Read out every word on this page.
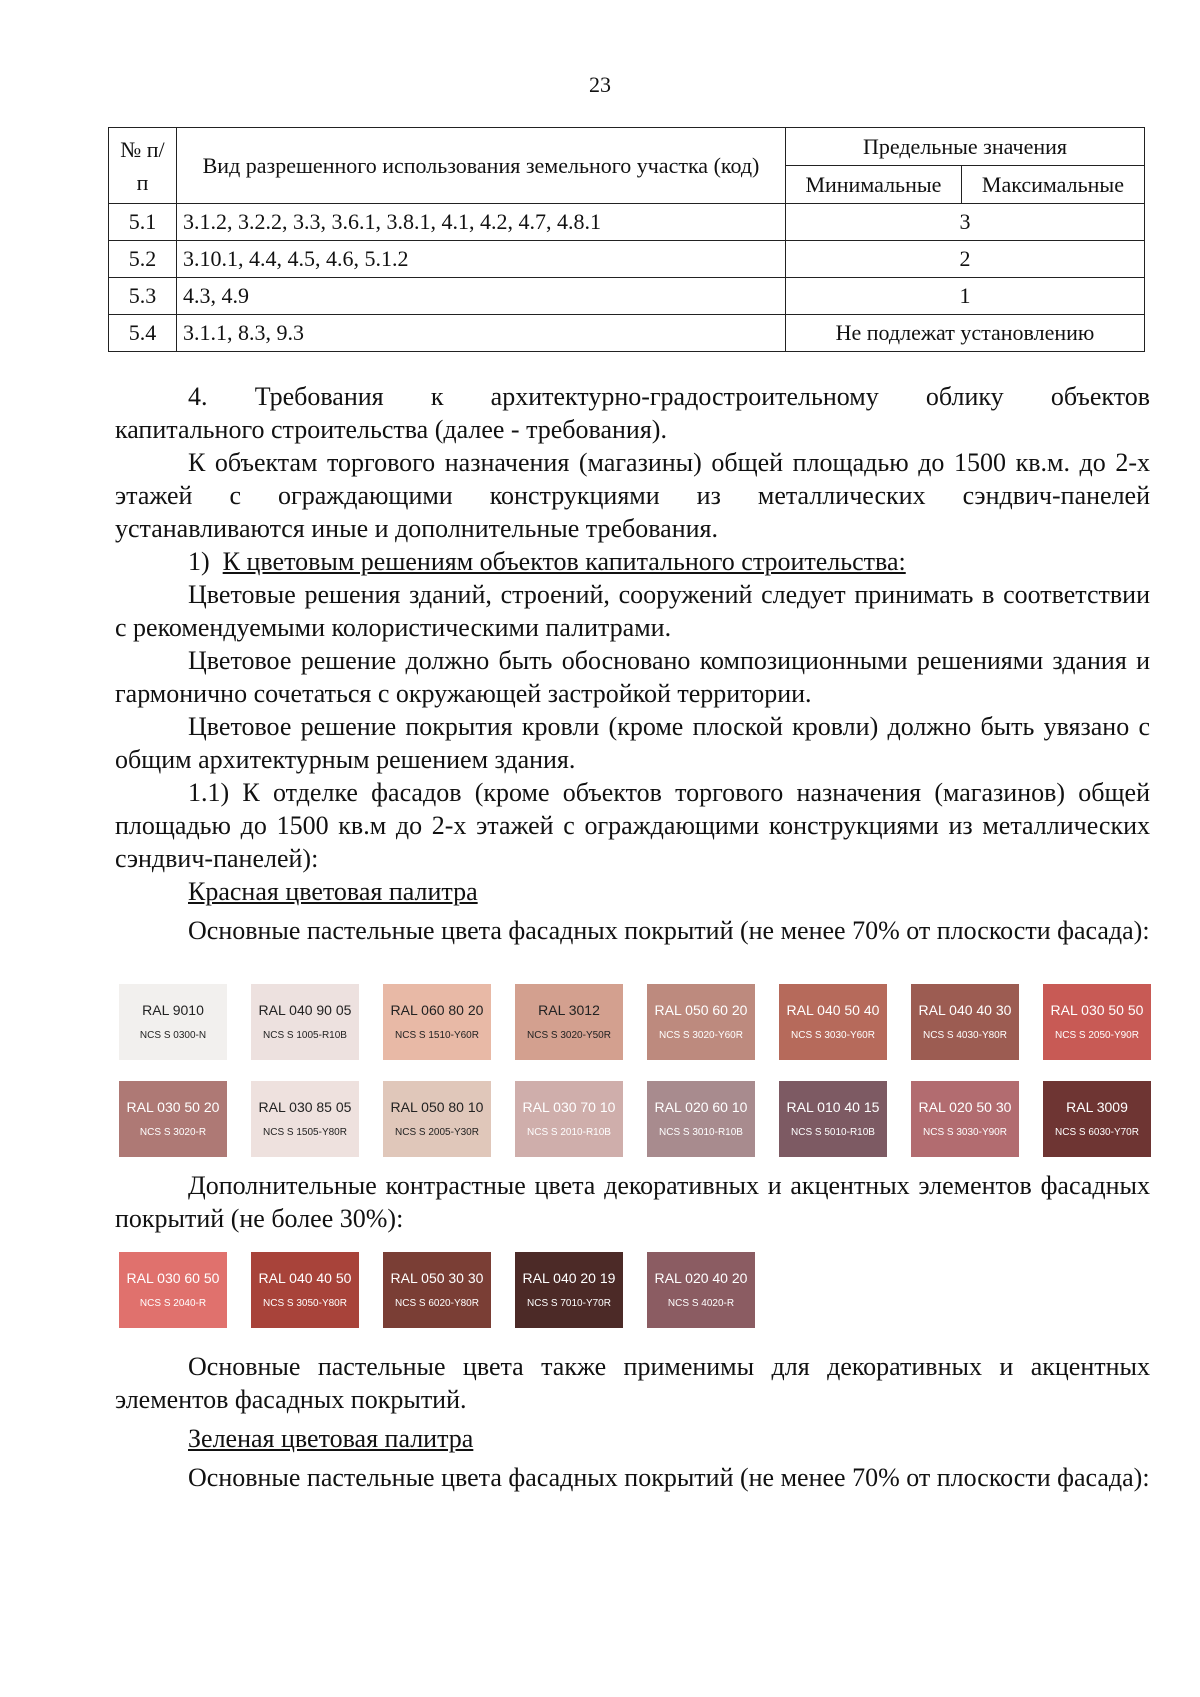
23
№ п/п	Вид разрешенного использования земельного участка (код)	Предельные значения	
		Минимальные	Максимальные
5.1	3.1.2, 3.2.2, 3.3, 3.6.1, 3.8.1, 4.1, 4.2, 4.7, 4.8.1	3	
5.2	3.10.1, 4.4, 4.5, 4.6, 5.1.2	2	
5.3	4.3, 4.9	1	
5.4	3.1.1, 8.3, 9.3	Не подлежат установлению	
4. Требования к архитектурно-градостроительному облику объектов
капитального строительства (далее - требования).
К объектам торгового назначения (магазины) общей площадью до 1500 кв.м. до 2-х этажей с ограждающими конструкциями из металлических сэндвич-панелей устанавливаются иные и дополнительные требования.
1) К цветовым решениям объектов капитального строительства:
Цветовые решения зданий, строений, сооружений следует принимать в соответствии с рекомендуемыми колористическими палитрами.
Цветовое решение должно быть обосновано композиционными решениями здания и гармонично сочетаться с окружающей застройкой территории.
Цветовое решение покрытия кровли (кроме плоской кровли) должно быть увязано с общим архитектурным решением здания.
1.1) К отделке фасадов (кроме объектов торгового назначения (магазинов) общей площадью до 1500 кв.м до 2-х этажей с ограждающими конструкциями из металлических сэндвич-панелей):
Красная цветовая палитра
Основные пастельные цвета фасадных покрытий (не менее 70% от плоскости фасада):
RAL 9010
NCS S 0300-N
RAL 040 90 05
NCS S 1005-R10B
RAL 060 80 20
NCS S 1510-Y60R
RAL 3012
NCS S 3020-Y50R
RAL 050 60 20
NCS S 3020-Y60R
RAL 040 50 40
NCS S 3030-Y60R
RAL 040 40 30
NCS S 4030-Y80R
RAL 030 50 50
NCS S 2050-Y90R
RAL 030 50 20
NCS S 3020-R
RAL 030 85 05
NCS S 1505-Y80R
RAL 050 80 10
NCS S 2005-Y30R
RAL 030 70 10
NCS S 2010-R10B
RAL 020 60 10
NCS S 3010-R10B
RAL 010 40 15
NCS S 5010-R10B
RAL 020 50 30
NCS S 3030-Y90R
RAL 3009
NCS S 6030-Y70R
Дополнительные контрастные цвета декоративных и акцентных элементов фасадных покрытий (не более 30%):
RAL 030 60 50
NCS S 2040-R
RAL 040 40 50
NCS S 3050-Y80R
RAL 050 30 30
NCS S 6020-Y80R
RAL 040 20 19
NCS S 7010-Y70R
RAL 020 40 20
NCS S 4020-R
Основные пастельные цвета также применимы для декоративных и акцентных элементов фасадных покрытий.
Зеленая цветовая палитра
Основные пастельные цвета фасадных покрытий (не менее 70% от плоскости фасада):
